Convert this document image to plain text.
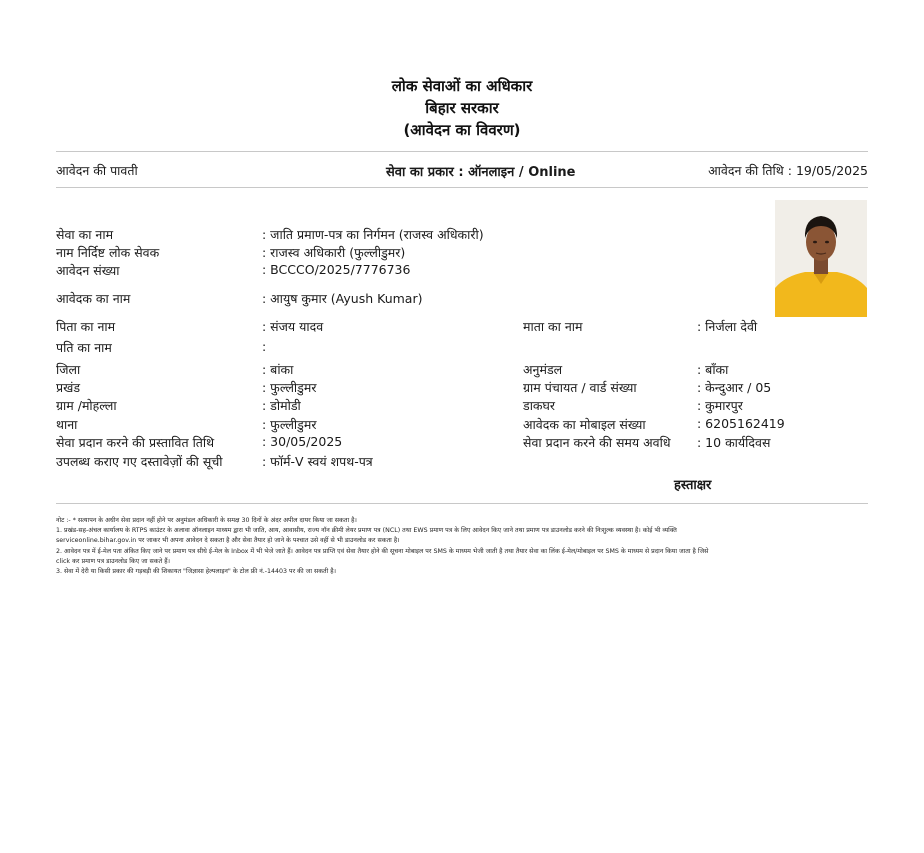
लोक सेवाओं का अधिकार
बिहार सरकार
(आवेदन का विवरण)
आवेदन की पावती	सेवा का प्रकार : ऑनलाइन / Online	आवेदन की तिथि : 19/05/2025
सेवा का नाम	: जाति प्रमाण-पत्र का निर्गमन (राजस्व अधिकारी)
नाम निर्दिष्ट लोक सेवक	: राजस्व अधिकारी (फुल्लीडुमर)
आवेदन संख्या	: BCCCO/2025/7776736
आवेदक का नाम	: आयुष कुमार (Ayush Kumar)
पिता का नाम	: संजय यादव	माता का नाम	: निर्जला देवी
पति का नाम	:
जिला	: बांका	अनुमंडल	: बाँका
प्रखंड	: फुल्लीडुमर	ग्राम पंचायत / वार्ड संख्या	: केन्दुआर / 05
ग्राम /मोहल्ला	: डोमोडी	डाकघर	: कुमारपुर
थाना	: फुल्लीडुमर	आवेदक का मोबाइल संख्या	: 6205162419
सेवा प्रदान करने की प्रस्तावित तिथि	: 30/05/2025	सेवा प्रदान करने की समय अवधि : 10 कार्यदिवस
उपलब्ध कराए गए दस्तावेज़ों की सूची	: फॉर्म-V स्वयं शपथ-पत्र
हस्ताक्षर
नोट :- * सत्यापन के अधीन सेवा प्रदान नहीं होने पर अनुमंडल अधिकारी के समक्ष 30 दिनों के अंदर अपील दायर किया जा सकता है।
1. प्रखंड-सह-अंचल कार्यालय के RTPS काउंटर के अलावा ऑनलाइन माध्यम द्वारा भी जाति, आय, आवासीय, राज्य नॉन क्रीमी लेयर प्रमाण पत्र (NCL) तथा EWS प्रमाण पत्र के लिए आवेदन किए जाने तथा प्रमाण पत्र डाउनलोड करने की निःशुल्क व्यवस्था है। कोई भी व्यक्ति
serviceonline.bihar.gov.in पर जाकर भी अपना आवेदन दे सकता है और सेवा तैयार हो जाने के पश्चात उसे वहीं से भी डाउनलोड कर सकता है।
2. आवेदन पत्र में ई-मेल पता अंकित किए जाने पर प्रमाण पत्र सीधे ई-मेल के Inbox में भी भेजे जाते हैं। आवेदन पत्र प्राप्ति एवं सेवा तैयार होने की सूचना मोबाइल पर SMS के माध्यम भेजी जाती है तथा तैयार सेवा का लिंक ई-मेल/मोबाइल पर SMS के माध्यम से प्रदान किया जाता है जिसे
click कर प्रमाण पत्र डाउनलोड किए जा सकते हैं।
3. सेवा में देरी या किसी प्रकार की गड़बड़ी की शिकायत "जिज्ञासा हेल्पलाइन" के टोल फ्री नं.-14403 पर की जा सकती है।
